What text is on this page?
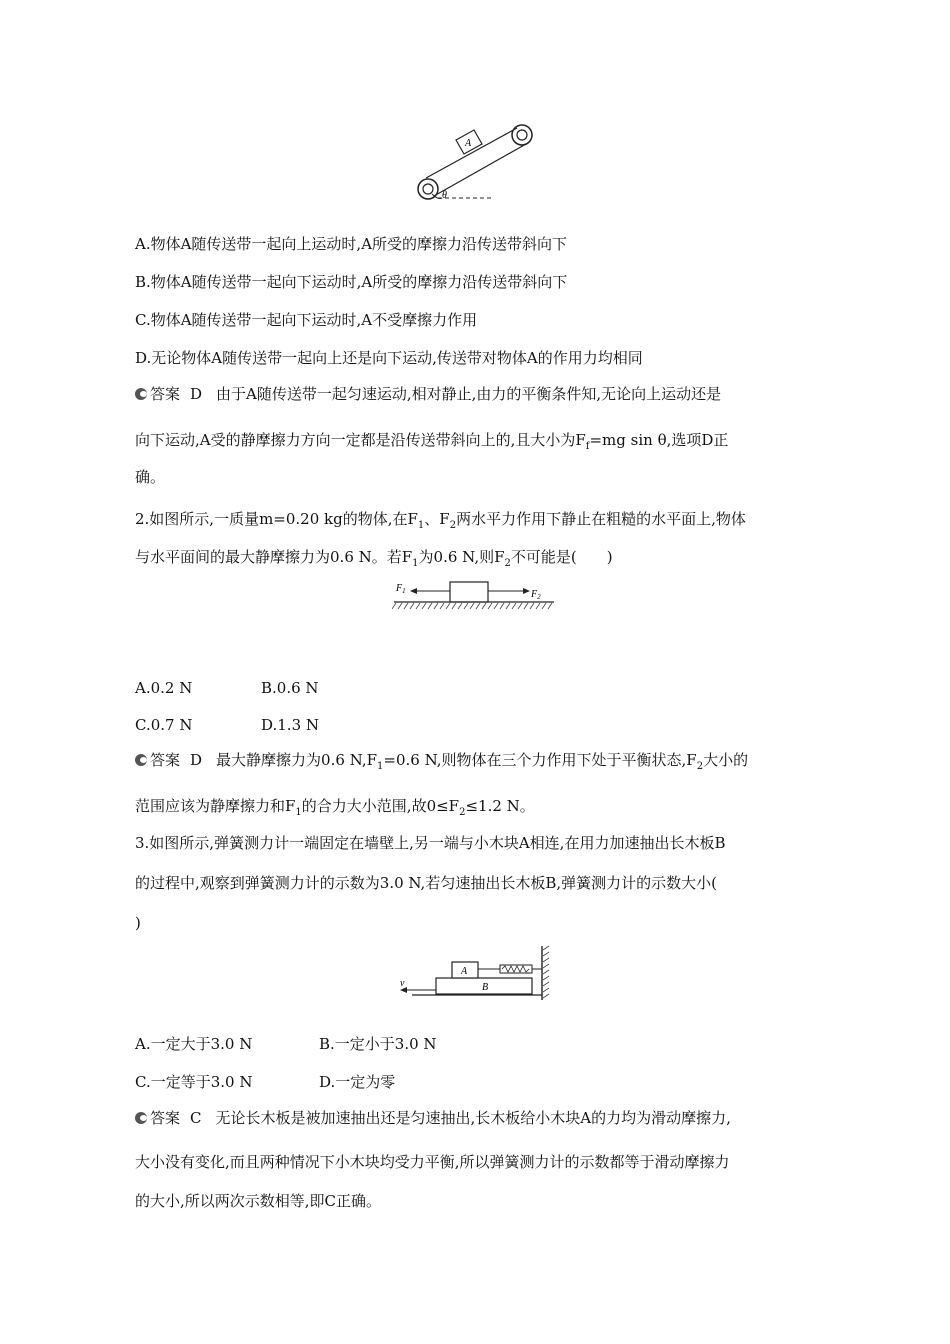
A
θ
A.物体A随传送带一起向上运动时,A所受的摩擦力沿传送带斜向下
B.物体A随传送带一起向下运动时,A所受的摩擦力沿传送带斜向下
C.物体A随传送带一起向下运动时,A不受摩擦力作用
D.无论物体A随传送带一起向上还是向下运动,传送带对物体A的作用力均相同
答案 D 由于A随传送带一起匀速运动,相对静止,由力的平衡条件知,无论向上运动还是
向下运动,A受的静摩擦力方向一定都是沿传送带斜向上的,且大小为$F_f=mg$ sin θ,选项D正
确。
2.如图所示,一质量m=0.20 kg的物体,在$F_1$、$F_2$两水平力作用下静止在粗糙的水平面上,物体
与水平面间的最大静摩擦力为0.6 N。若$F_1$为0.6 N,则$F_2$不可能是(　　)
$F_1$	$F_2$
A.0.2 N	B.0.6 N
C.0.7 N	D.1.3 N
答案 D 最大静摩擦力为0.6 $N,F_1=0.6$ N,则物体在三个力作用下处于平衡状态$,F_2$大小的
范围应该为静摩擦力和$F_1$的合力大小范围,故$0\le F_2\le 1.2$ N。
3.如图所示,弹簧测力计一端固定在墙壁上,另一端与小木块A相连,在用力加速抽出长木板B
的过程中,观察到弹簧测力计的示数为3.0 N,若匀速抽出长木板B,弹簧测力计的示数大小(
)
B
A
v
A.一定大于3.0 N	B.一定小于3.0 N
C.一定等于3.0 N	D.一定为零
答案 C 无论长木板是被加速抽出还是匀速抽出,长木板给小木块A的力均为滑动摩擦力,
大小没有变化,而且两种情况下小木块均受力平衡,所以弹簧测力计的示数都等于滑动摩擦力
的大小,所以两次示数相等,即C正确。
